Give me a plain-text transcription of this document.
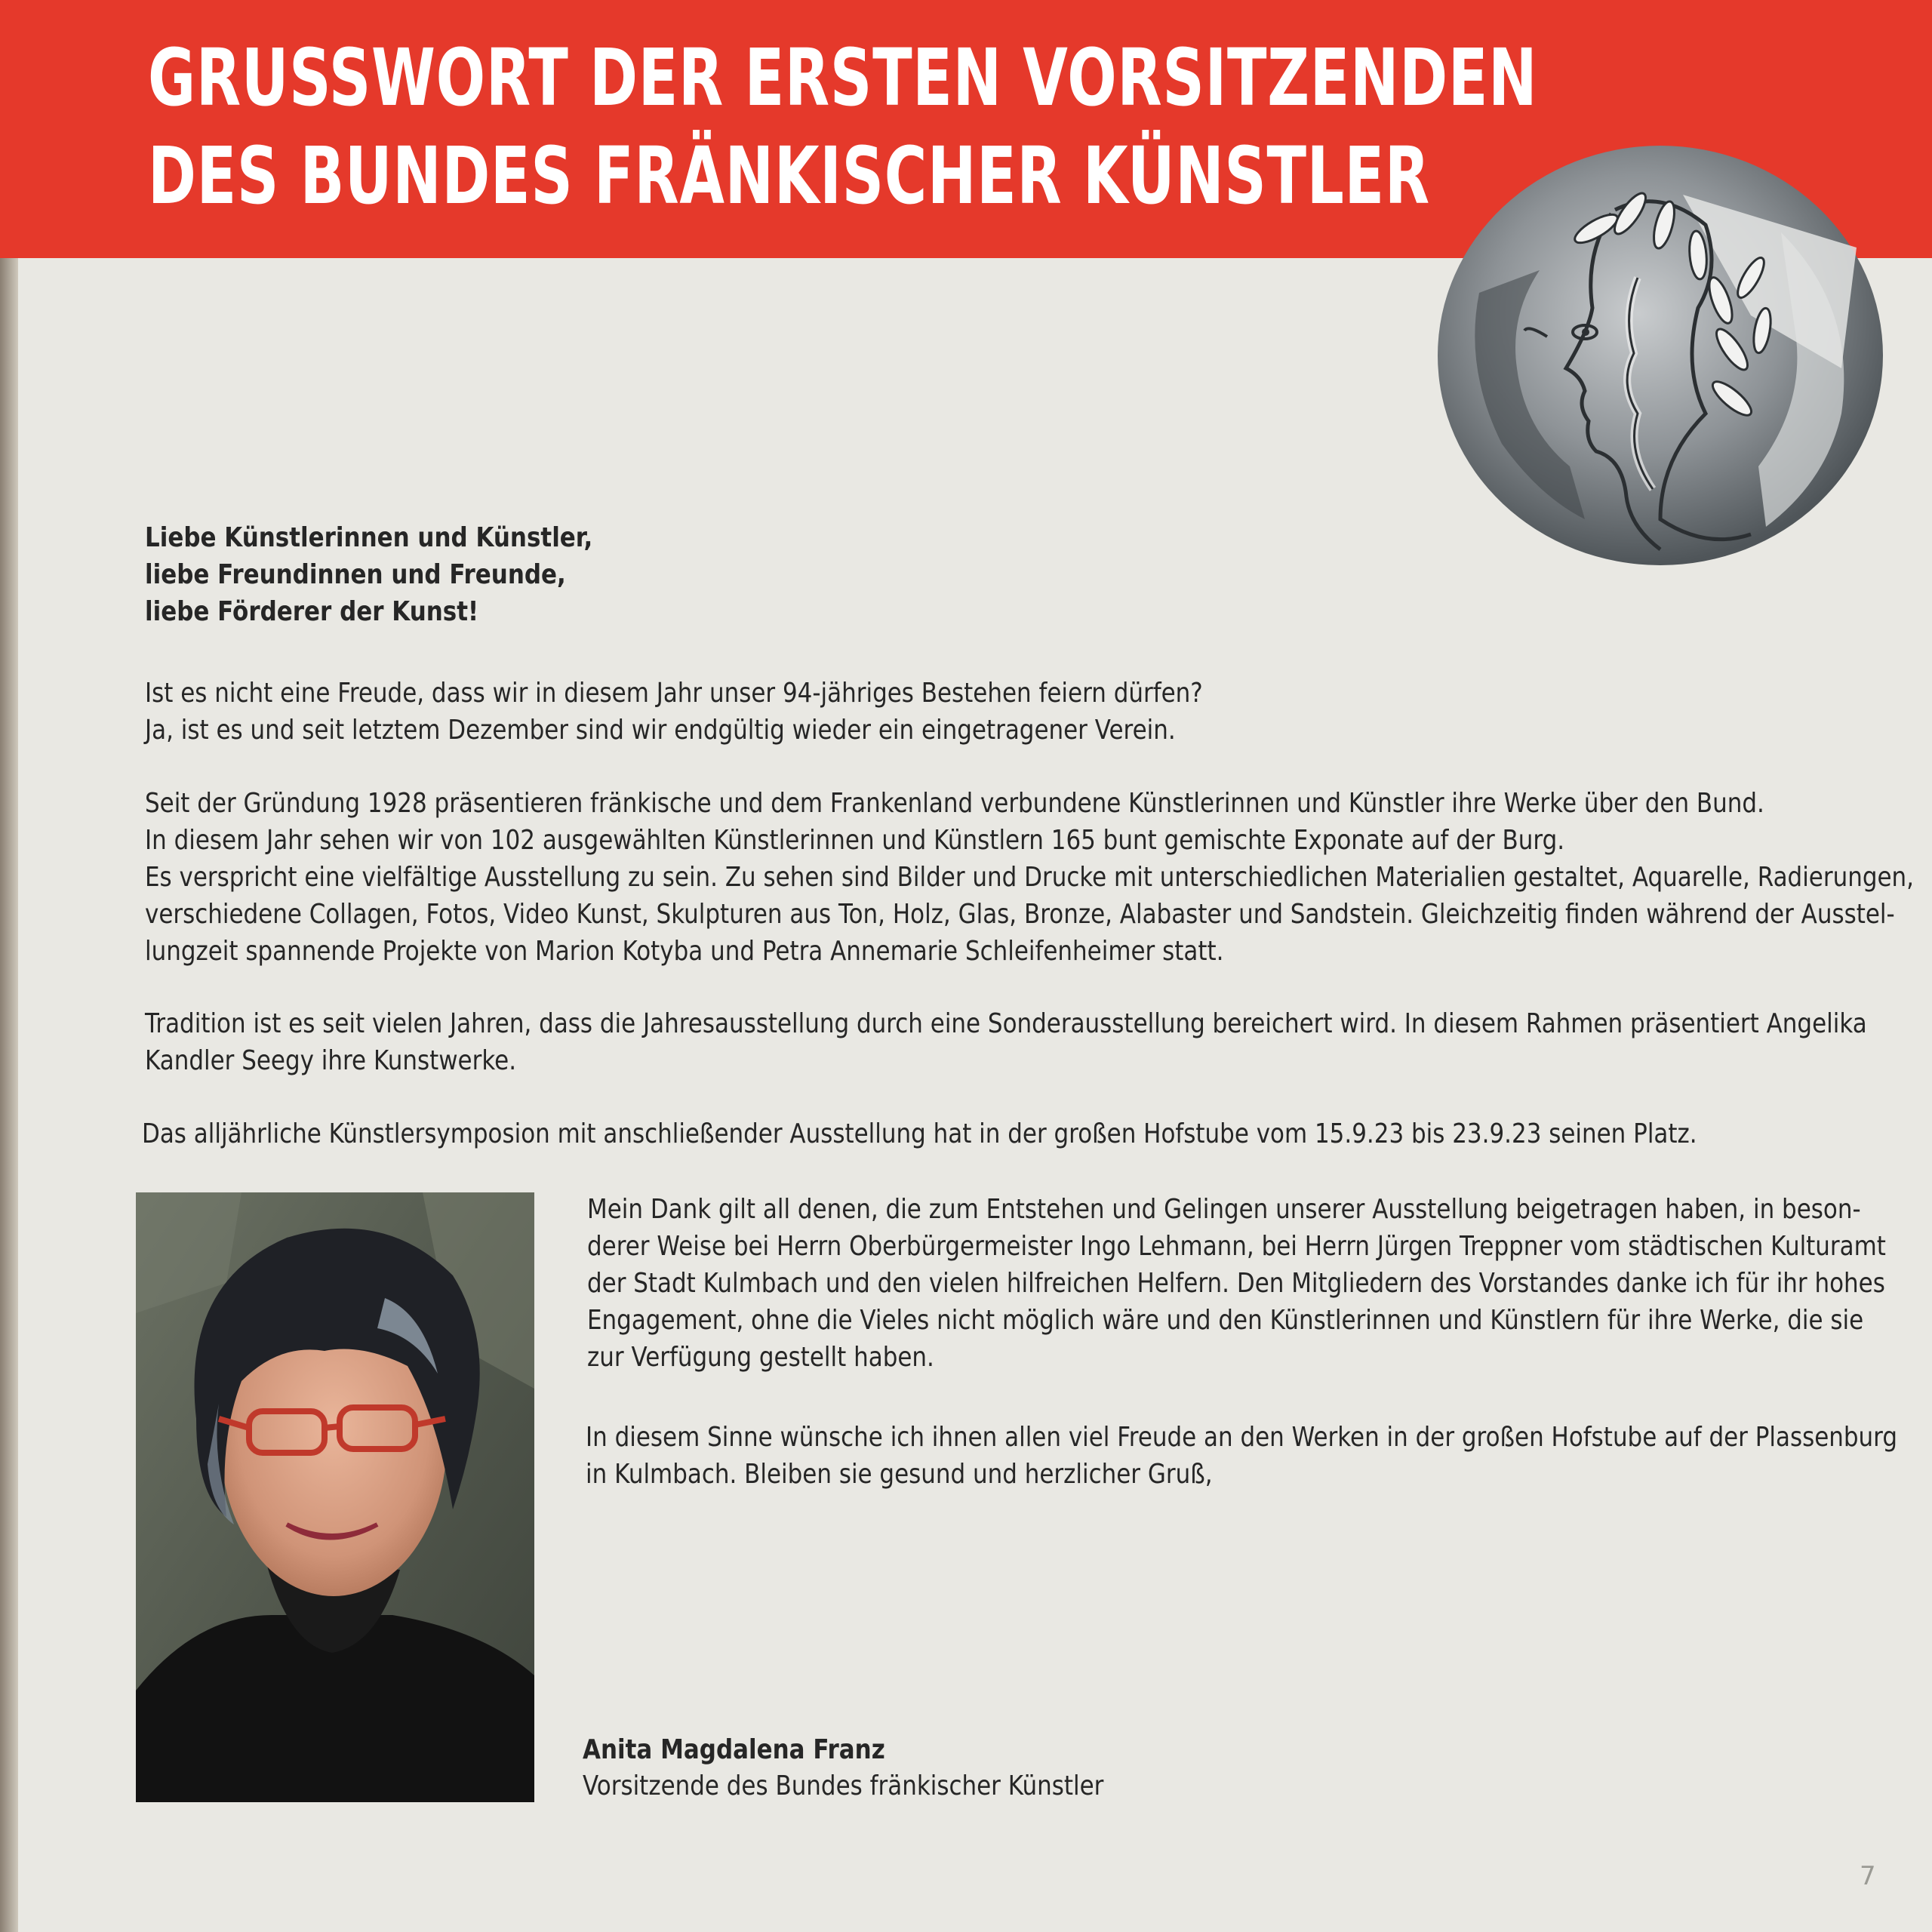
GRUSSWORT DER ERSTEN VORSITZENDEN
DES BUNDES FRÄNKISCHER KÜNSTLER

Liebe Künstlerinnen und Künstler,

liebe Freundinnen und Freunde,

liebe Förderer der Kunst!

Ist es nicht eine Freude, dass wir in diesem Jahr unser 94-jähriges Bestehen feiern dürfen?

Ja, ist es und seit letztem Dezember sind wir endgültig wieder ein eingetragener Verein.

Seit der Gründung 1928 präsentieren fränkische und dem Frankenland verbundene Künstlerinnen und Künstler ihre Werke über den Bund.

In diesem Jahr sehen wir von 102 ausgewählten Künstlerinnen und Künstlern 165 bunt gemischte Exponate auf der Burg.

Es verspricht eine vielfältige Ausstellung zu sein. Zu sehen sind Bilder und Drucke mit unterschiedlichen Materialien gestaltet, Aquarelle, Radierungen,

verschiedene Collagen, Fotos, Video Kunst, Skulpturen aus Ton, Holz, Glas, Bronze, Alabaster und Sandstein. Gleichzeitig finden während der Ausstel-

lungzeit spannende Projekte von Marion Kotyba und Petra Annemarie Schleifenheimer statt.

Tradition ist es seit vielen Jahren, dass die Jahresausstellung durch eine Sonderausstellung bereichert wird. In diesem Rahmen präsentiert Angelika

Kandler Seegy ihre Kunstwerke.

Das alljährliche Künstlersymposion mit anschließender Ausstellung hat in der großen Hofstube vom 15.9.23 bis 23.9.23 seinen Platz.

Mein Dank gilt all denen, die zum Entstehen und Gelingen unserer Ausstellung beigetragen haben, in beson-

derer Weise bei Herrn Oberbürgermeister Ingo Lehmann, bei Herrn Jürgen Treppner vom städtischen Kulturamt

der Stadt Kulmbach und den vielen hilfreichen Helfern. Den Mitgliedern des Vorstandes danke ich für ihr hohes

Engagement, ohne die Vieles nicht möglich wäre und den Künstlerinnen und Künstlern für ihre Werke, die sie

zur Verfügung gestellt haben.

In diesem Sinne wünsche ich ihnen allen viel Freude an den Werken in der großen Hofstube auf der Plassenburg

in Kulmbach. Bleiben sie gesund und herzlicher Gruß,

Anita Magdalena Franz
Vorsitzende des Bundes fränkischer Künstler
7
